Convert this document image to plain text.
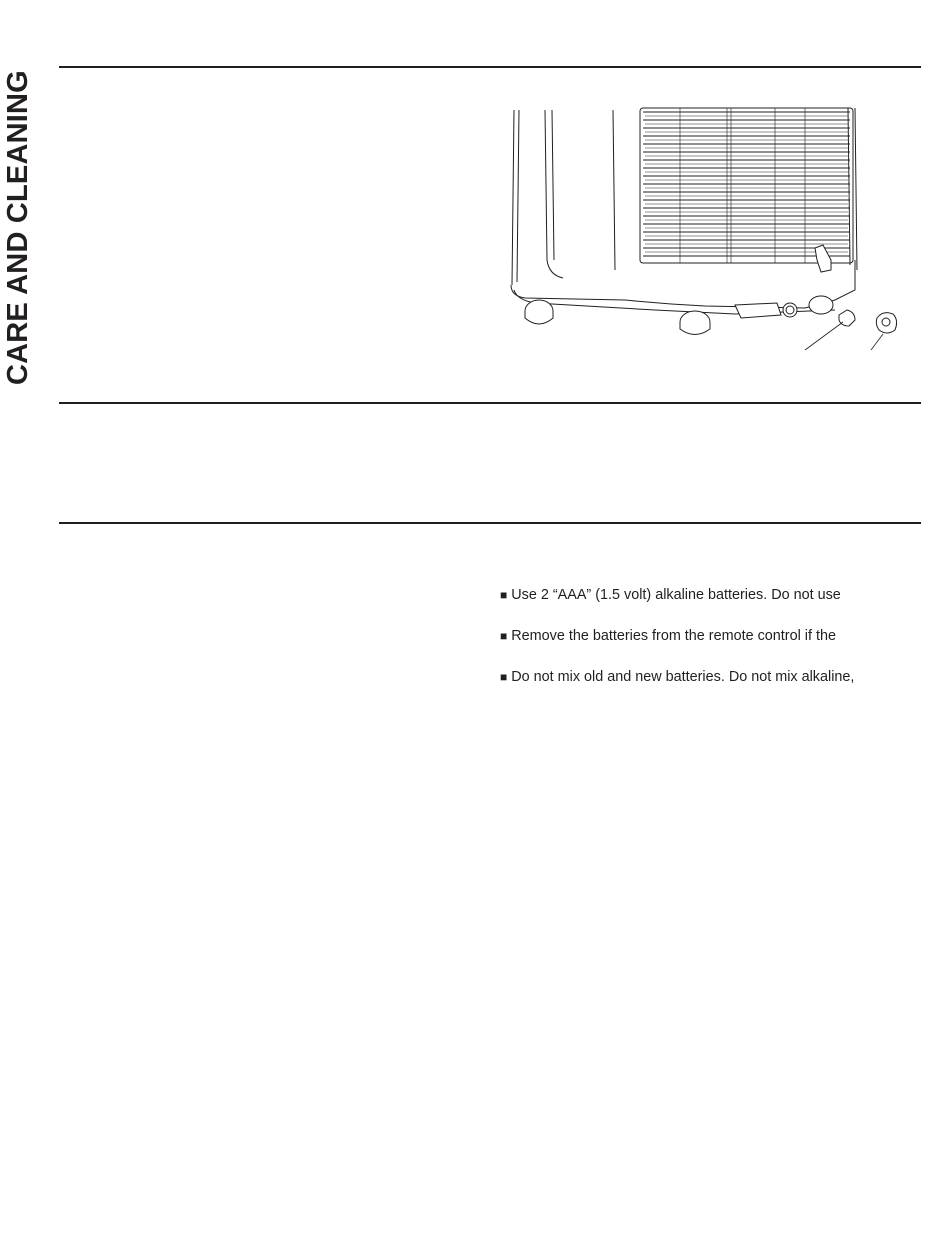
CARE AND CLEANING
■ Use 2 “AAA” (1.5 volt) alkaline batteries. Do not use
■ Remove the batteries from the remote control if the
■ Do not mix old and new batteries. Do not mix alkaline,
